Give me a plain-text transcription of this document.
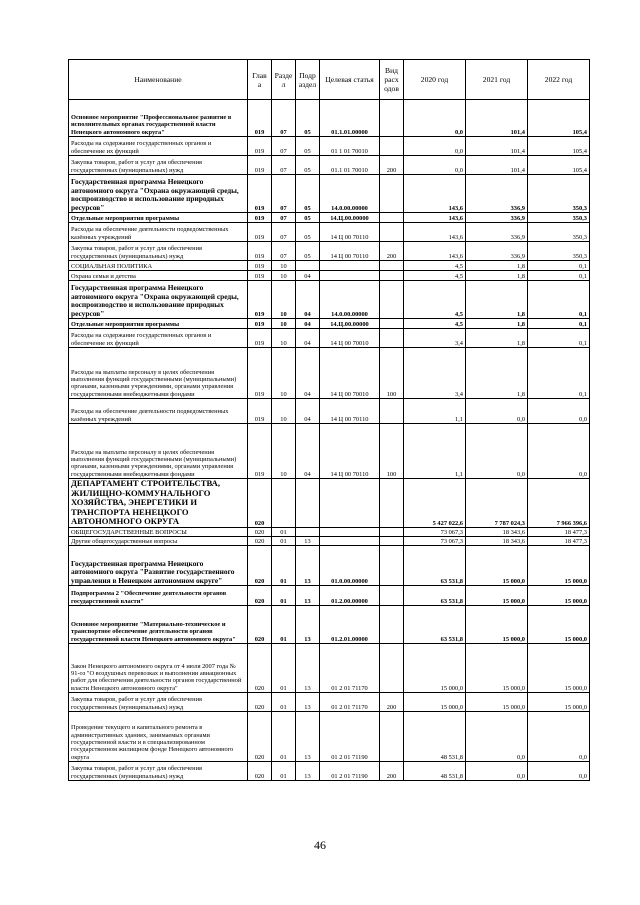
Наименование	Глав а	Разде л	Подр аздел	Целевая статья	Вид расх одов	2020 год	2021 год	2022 год
Основное мероприятие "Профессиональное развитие в исполнительных органах государственной власти Ненецкого автономного округа"	019	07	05	01.1.01.00000		0,0	101,4	105,4
Расходы на содержание государственных органов и обеспечение их функций	019	07	05	01 1 01 70010		0,0	101,4	105,4
Закупка товаров, работ и услуг для обеспечения государственных (муниципальных) нужд	019	07	05	01.1 01 70010	200	0,0	101,4	105,4
Государственная программа Ненецкого автономного округа "Охрана окружающей среды, воспроизводство и использование природных ресурсов"	019	07	05	14.0.00.00000		143,6	336,9	350,3
Отдельные мероприятия программы	019	07	05	14.Ц.00.00000		143,6	336,9	350,3
Расходы на обеспечение деятельности подведомственных казённых учреждений	019	07	05	14 Ц 00 70110		143,6	336,9	350,3
Закупка товаров, работ и услуг для обеспечения государственных (муниципальных) нужд	019	07	05	14 Ц 00 70110	200	143,6	336,9	350,3
СОЦИАЛЬНАЯ ПОЛИТИКА	019	10				4,5	1,8	0,1
Охрана семьи и детства	019	10	04			4,5	1,8	0,1
Государственная программа Ненецкого автономного округа "Охрана окружающей среды, воспроизводство и использование природных ресурсов"	019	10	04	14.0.00.00000		4,5	1,8	0,1
Отдельные мероприятия программы	019	10	04	14.Ц.00.00000		4,5	1,8	0,1
Расходы на содержание государственных органов и обеспечение их функций	019	10	04	14 Ц 00 70010		3,4	1,8	0,1
Расходы на выплаты персоналу в целях обеспечения выполнения функций государственными (муниципальными) органами, казенными учреждениями, органами управления государственными внебюджетными фондами	019	10	04	14 Ц 00 70010	100	3,4	1,8	0,1
Расходы на обеспечение деятельности подведомственных казённых учреждений	019	10	04	14 Ц 00 70110		1,1	0,0	0,0
Расходы на выплаты персоналу в целях обеспечения выполнения функций государственными (муниципальными) органами, казенными учреждениями, органами управления государственными внебюджетными фондами	019	10	04	14 Ц 00 70110	100	1,1	0,0	0,0
ДЕПАРТАМЕНТ СТРОИТЕЛЬСТВА, ЖИЛИЩНО-КОММУНАЛЬНОГО ХОЗЯЙСТВА, ЭНЕРГЕТИКИ И ТРАНСПОРТА НЕНЕЦКОГО АВТОНОМНОГО ОКРУГА	020					5 427 022,6	7 787 024,3	7 966 396,6
ОБЩЕГОСУДАРСТВЕННЫЕ ВОПРОСЫ	020	01				73 067,3	18 343,6	18 477,3
Другие общегосударственные вопросы	020	01	13			73 067,3	18 343,6	18 477,3
Государственная программа Ненецкого автономного округа "Развитие государственного управления в Ненецком автономном округе"	020	01	13	01.0.00.00000		63 531,8	15 000,0	15 000,0
Подпрограмма 2 "Обеспечение деятельности органов государственной власти"	020	01	13	01.2.00.00000		63 531,8	15 000,0	15 000,0
Основное мероприятие "Материально-техническое и транспортное обеспечение деятельности органов государственной власти Ненецкого автономного округа"	020	01	13	01.2.01.00000		63 531,8	15 000,0	15 000,0
Закон Ненецкого автономного округа от 4 июля 2007 года № 91-оз "О воздушных перевозках и выполнении авиационных работ для обеспечения деятельности органов государственной власти Ненецкого автономного округа"	020	01	13	01 2 01 71170		15 000,0	15 000,0	15 000,0
Закупка товаров, работ и услуг для обеспечения государственных (муниципальных) нужд	020	01	13	01 2 01 71170	200	15 000,0	15 000,0	15 000,0
Проведение текущего и капитального ремонта в административных зданиях, занимаемых органами государственной власти и в специализированном государственном жилищном фонде Ненецкого автономного округа	020	01	13	01 2 01 71190		48 531,8	0,0	0,0
Закупка товаров, работ и услуг для обеспечения государственных (муниципальных) нужд	020	01	13	01 2 01 71190	200	48 531,8	0,0	0,0
46
